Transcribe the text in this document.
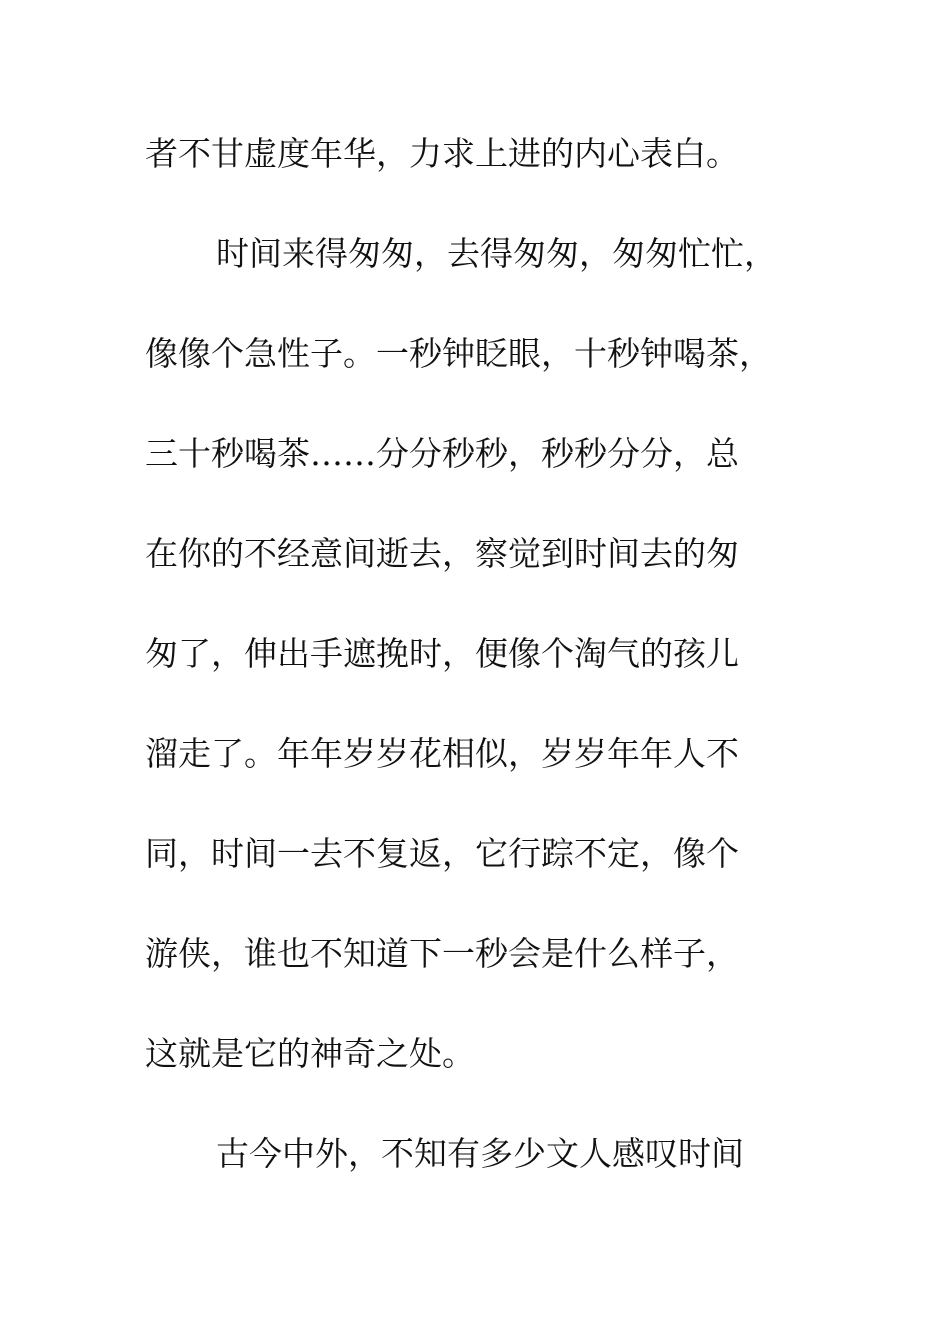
者不甘虚度年华，力求上进的内心表白。
时间来得匆匆，去得匆匆，匆匆忙忙，
像像个急性子。一秒钟眨眼，十秒钟喝茶，
三十秒喝茶……分分秒秒，秒秒分分，总
在你的不经意间逝去，察觉到时间去的匆
匆了，伸出手遮挽时，便像个淘气的孩儿
溜走了。年年岁岁花相似，岁岁年年人不
同，时间一去不复返，它行踪不定，像个
游侠，谁也不知道下一秒会是什么样子，
这就是它的神奇之处。
古今中外，不知有多少文人感叹时间
